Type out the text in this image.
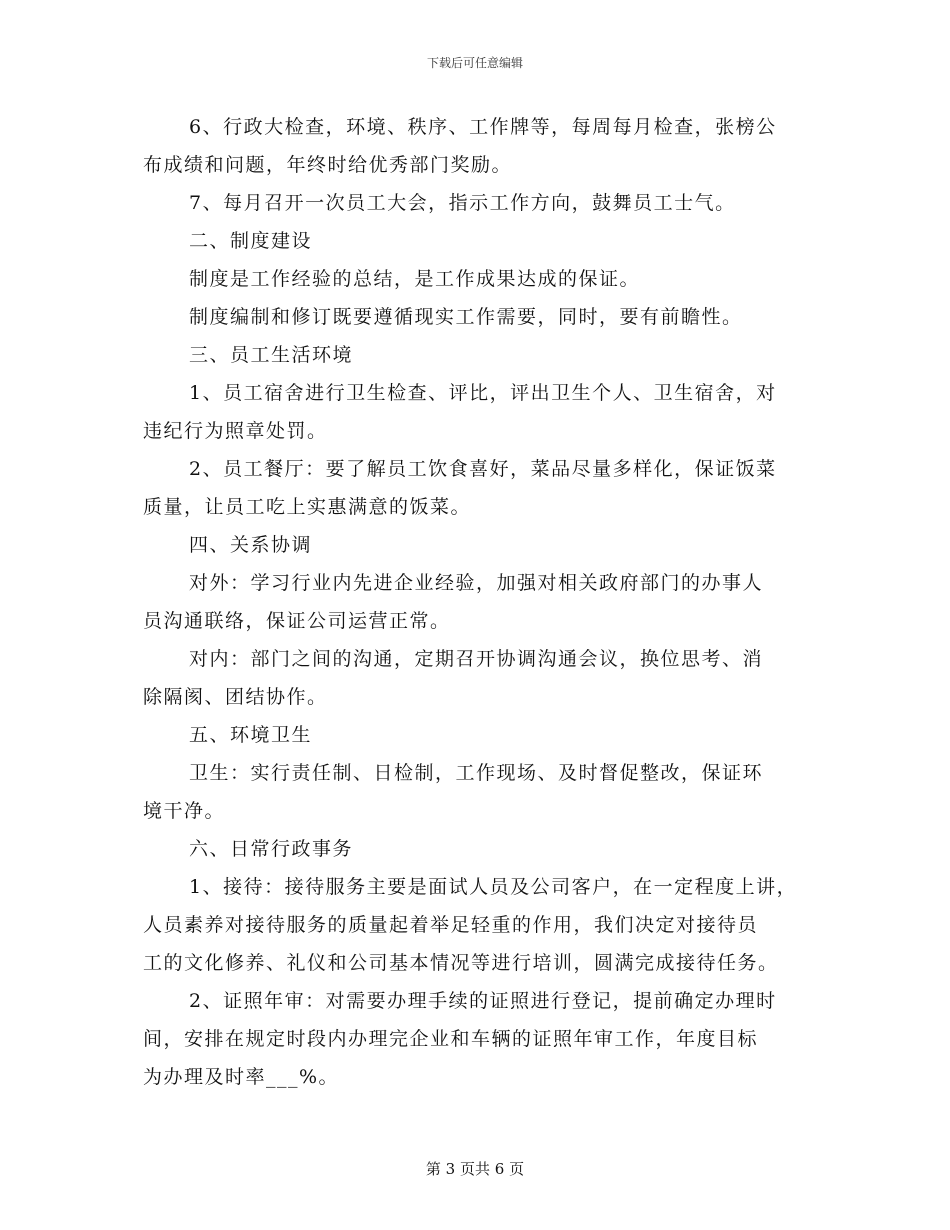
下载后可任意编辑

6、行政大检查，环境、秩序、工作牌等，每周每月检查，张榜公
布成绩和问题，年终时给优秀部门奖励。

7、每月召开一次员工大会，指示工作方向，鼓舞员工士气。

二、制度建设

制度是工作经验的总结，是工作成果达成的保证。

制度编制和修订既要遵循现实工作需要，同时，要有前瞻性。

三、员工生活环境

1、员工宿舍进行卫生检查、评比，评出卫生个人、卫生宿舍，对
违纪行为照章处罚。

2、员工餐厅：要了解员工饮食喜好，菜品尽量多样化，保证饭菜
质量，让员工吃上实惠满意的饭菜。

四、关系协调

对外：学习行业内先进企业经验，加强对相关政府部门的办事人
员沟通联络，保证公司运营正常。

对内：部门之间的沟通，定期召开协调沟通会议，换位思考、消
除隔阂、团结协作。

五、环境卫生

卫生：实行责任制、日检制，工作现场、及时督促整改，保证环
境干净。

六、日常行政事务

1、接待：接待服务主要是面试人员及公司客户，在一定程度上讲，
人员素养对接待服务的质量起着举足轻重的作用，我们决定对接待员
工的文化修养、礼仪和公司基本情况等进行培训，圆满完成接待任务。

2、证照年审：对需要办理手续的证照进行登记，提前确定办理时
间，安排在规定时段内办理完企业和车辆的证照年审工作，年度目标
为办理及时率___%。

第 3 页共 6 页
